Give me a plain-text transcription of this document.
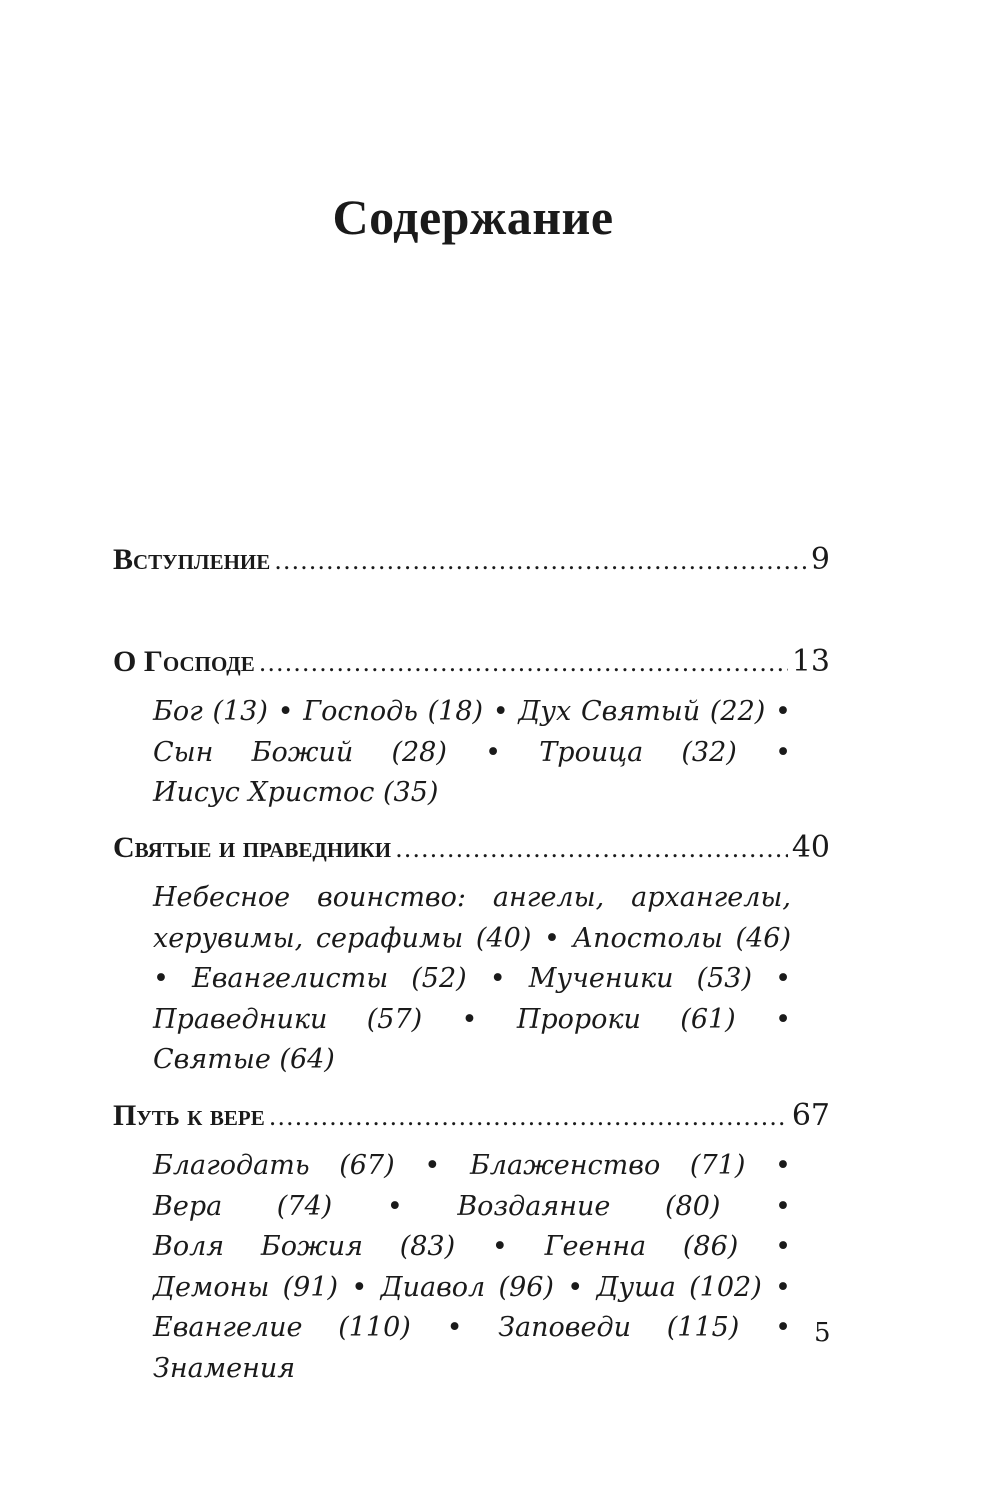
Содержание
Вступление .....	9
О Господе .....	13

Бог (13) • Господь (18) • Дух Святый (22) • Сын Божий (28) • Троица (32) • Иисус Христос (35)

Святые и праведники .....	40

Небесное воинство: ангелы, архангелы, херувимы, серафимы (40) • Апостолы (46) • Евангелисты (52) • Мученики (53) • Праведники (57) • Пророки (61) • Святые (64)

Путь к вере .....	67

Благодать (67) • Блаженство (71) • Вера (74) • Воздаяние (80) • Воля Божия (83) • Геенна (86) • Демоны (91) • Диавол (96) • Душа (102) • Евангелие (110) • Заповеди (115) • Знамения

5
